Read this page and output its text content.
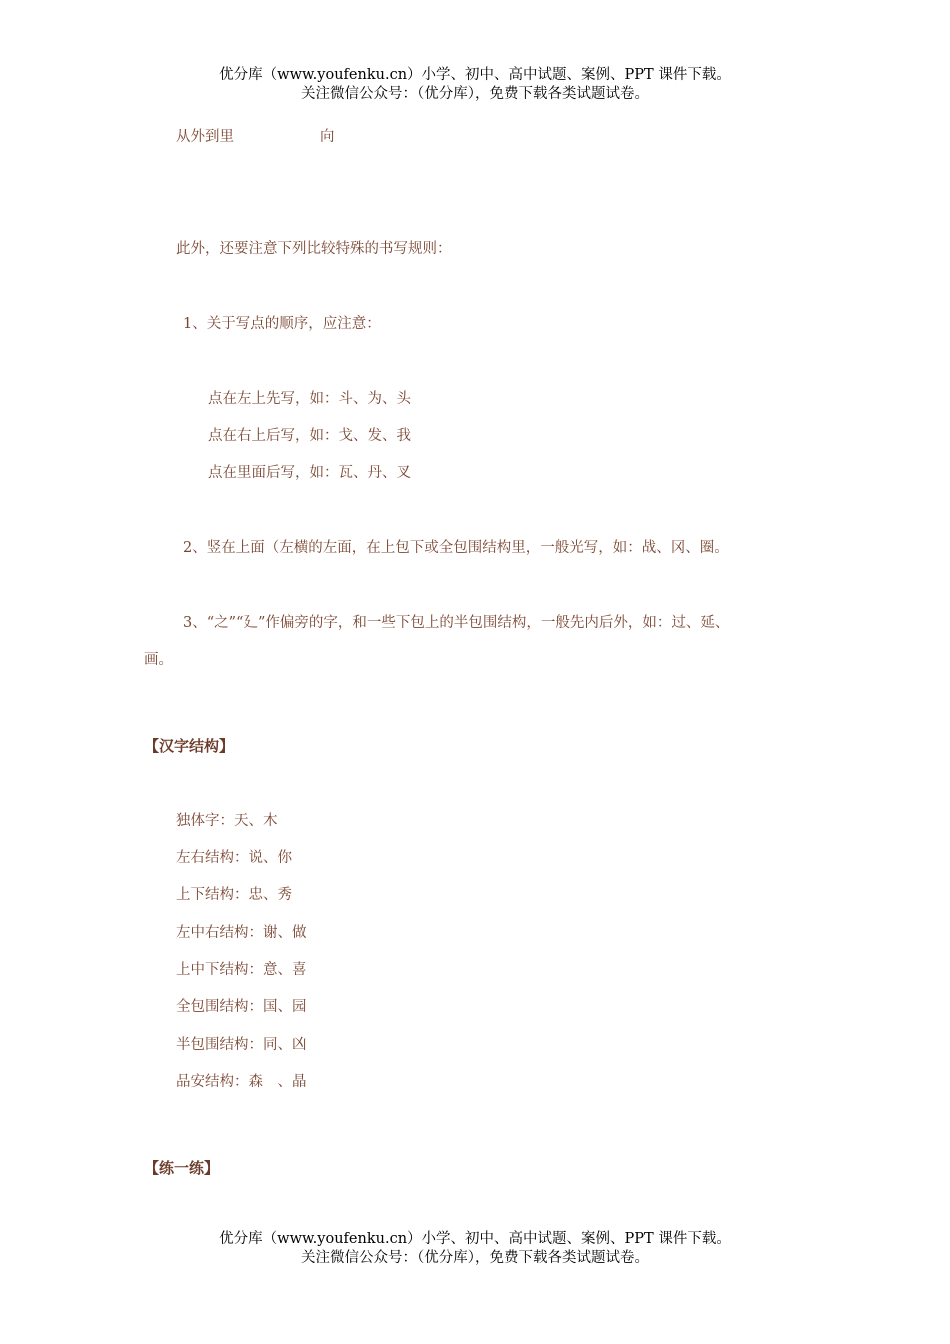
优分库（www.youfenku.cn）小学、初中、高中试题、案例、PPT 课件下载。
关注微信公众号：（优分库），免费下载各类试题试卷。
从外到里	向
此外，还要注意下列比较特殊的书写规则：
1、关于写点的顺序，应注意：
点在左上先写，如：斗、为、头
点在右上后写，如：戈、发、我
点在里面后写，如：瓦、丹、叉
2、竖在上面（左横的左面，在上包下或全包围结构里，一般光写，如：战、冈、圈。
3、“之”“廴”作偏旁的字，和一些下包上的半包围结构，一般先内后外，如：过、延、
画。
【汉字结构】
独体字：天、木
左右结构：说、你
上下结构：忠、秀
左中右结构：谢、做
上中下结构：意、喜
全包围结构：国、园
半包围结构：同、凶
品安结构：森　、晶
【练一练】
优分库（www.youfenku.cn）小学、初中、高中试题、案例、PPT 课件下载。
关注微信公众号：（优分库），免费下载各类试题试卷。
